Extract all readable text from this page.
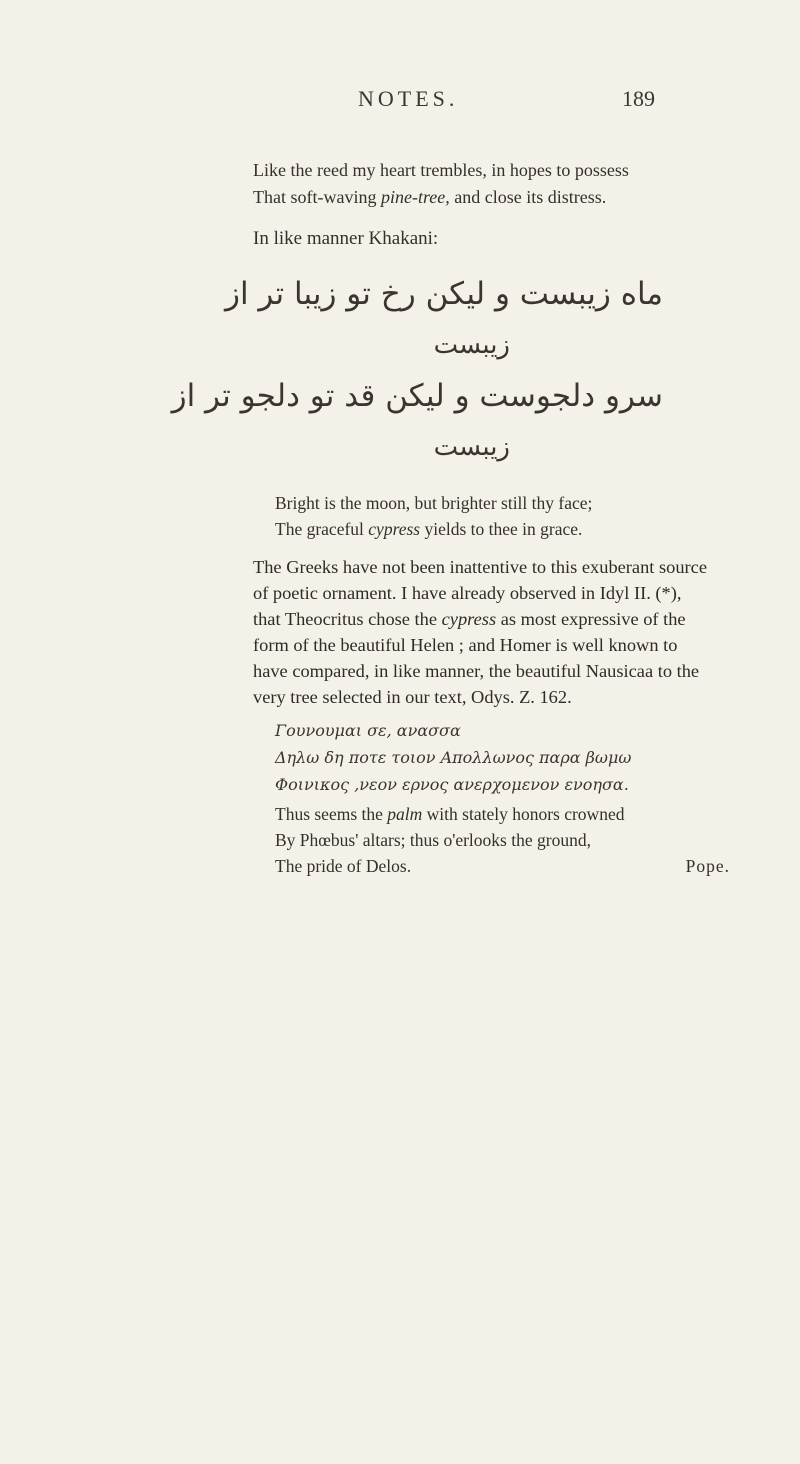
NOTES.	189
Like the reed my heart trembles, in hopes to possess
That soft-waving pine-tree, and close its distress.
In like manner Khakani:
ماه زیبست و لیکن رخ تو زیبا تر از
زیبست
سرو دلجوست و لیکن قد تو دلجو تر از
زیبست
Bright is the moon, but brighter still thy face;
The graceful cypress yields to thee in grace.
The Greeks have not been inattentive to this exuberant source
of poetic ornament. I have already observed in Idyl II. (*),
that Theocritus chose the cypress as most expressive of the
form of the beautiful Helen ; and Homer is well known to
have compared, in like manner, the beautiful Nausicaa to the
very tree selected in our text, Odys. Z. 162.
Γουνουμαι σε, ανασσα
Δηλω δη ποτε τοιον Απολλωνος παρα βωμω
Φοινικος ,νεον ερνος ανερχομενον ενοησα.
Thus seems the palm with stately honors crowned
By Phœbus' altars; thus o'erlooks the ground,
The pride of Delos.	Pope.
